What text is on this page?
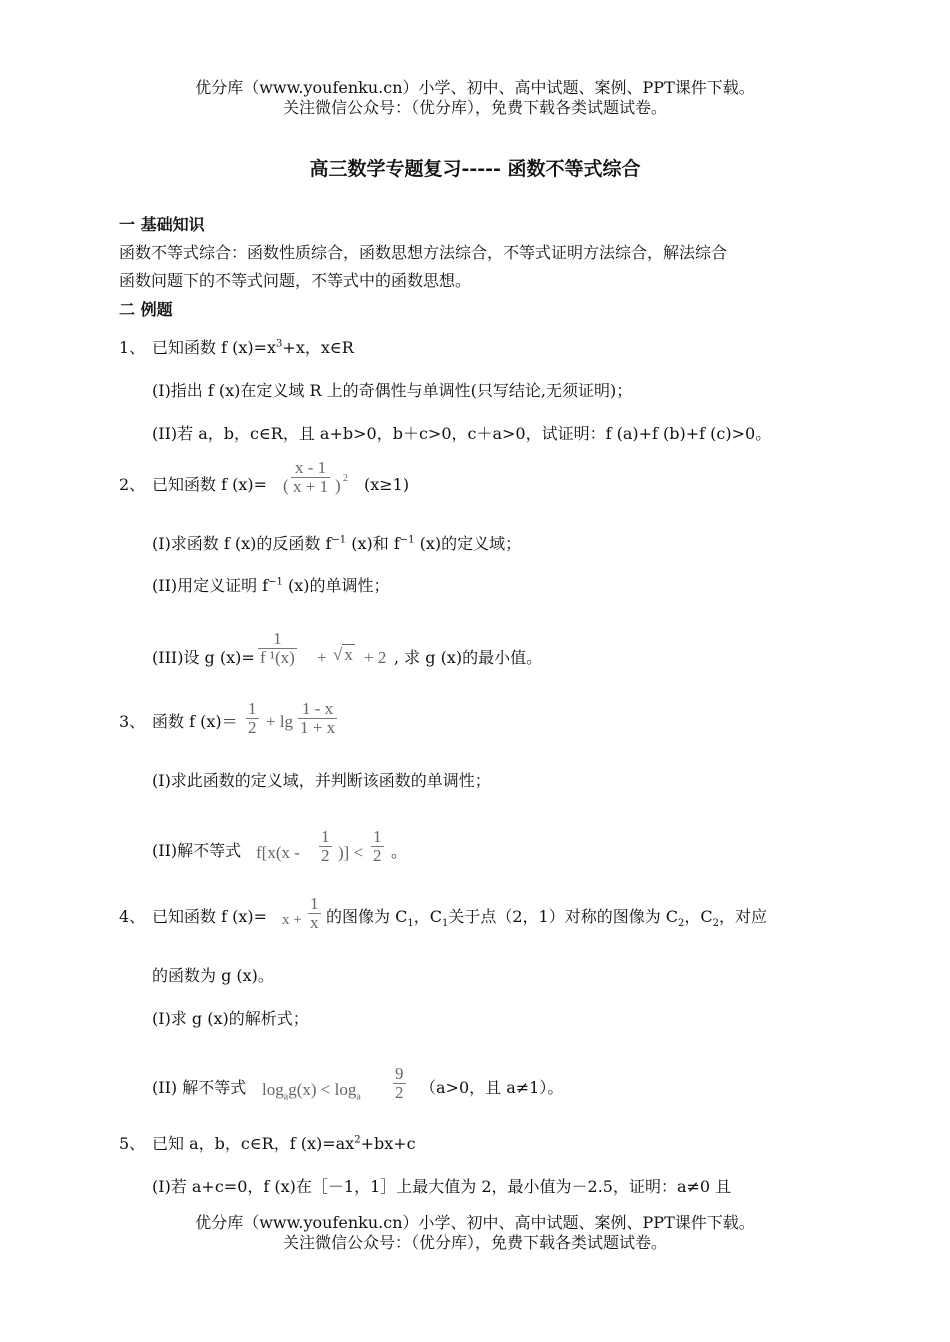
优分库（www.youfenku.cn）小学、初中、高中试题、案例、PPT课件下载。
关注微信公众号：（优分库），免费下载各类试题试卷。
高三数学专题复习----- 函数不等式综合
一 基础知识
函数不等式综合：函数性质综合，函数思想方法综合，不等式证明方法综合，解法综合
函数问题下的不等式问题，不等式中的函数思想。
二 例题
1、 已知函数 f $(x)=x^3+x$，x∈R
(I)指出 f (x)在定义域 R 上的奇偶性与单调性(只写结论,无须证明)；
(II)若 a，b，c∈R，且 a+b>0，b＋c>0，c＋a>0，试证明：f (a)+f (b)+f (c)>0。
2、 已知函数 f (x)= ( $\frac{x - 1}{x + 1}$ ) 2 (x≥1)
(I)求函数 f (x)的反函数 $f^{-1}$ (x)和 $f^{-1}$ (x)的定义域；
(II)用定义证明 $f^{-1}$ (x)的单调性；
(III)设 g $(x)= \frac{1}{\text{f ¹(x)}}$ + √ x + 2 , 求 g (x)的最小值。
3、 函数 f $(x)= \frac{1}{2} + \lg \frac{1 - x}{1 + x}$
(I)求此函数的定义域，并判断该函数的单调性；
(II)解不等式 $f[x(x - \frac{1}{2}$ )] < $\frac{1}{2}$ 。
4、 已知函数 f $(x)= x + \frac{1}{x}$ 的图像为 $C_1$，$C_1$关于点（2，1）对称的图像为 $C_2$，$C_2$，对应
的函数为 g (x)。
(I)求 g (x)的解析式；
(II) 解不等式 $\log_ag(x) < \log_a \frac{9}{2} (a>0$，且 a≠1）。
5、 已知 a，b，c∈R，f $(x)=ax^2+bx+c$
(I)若 a+c=0，f (x)在［－1，1］上最大值为 2，最小值为－2.5，证明：a≠0 且
优分库（www.youfenku.cn）小学、初中、高中试题、案例、PPT课件下载。
关注微信公众号：（优分库），免费下载各类试题试卷。
